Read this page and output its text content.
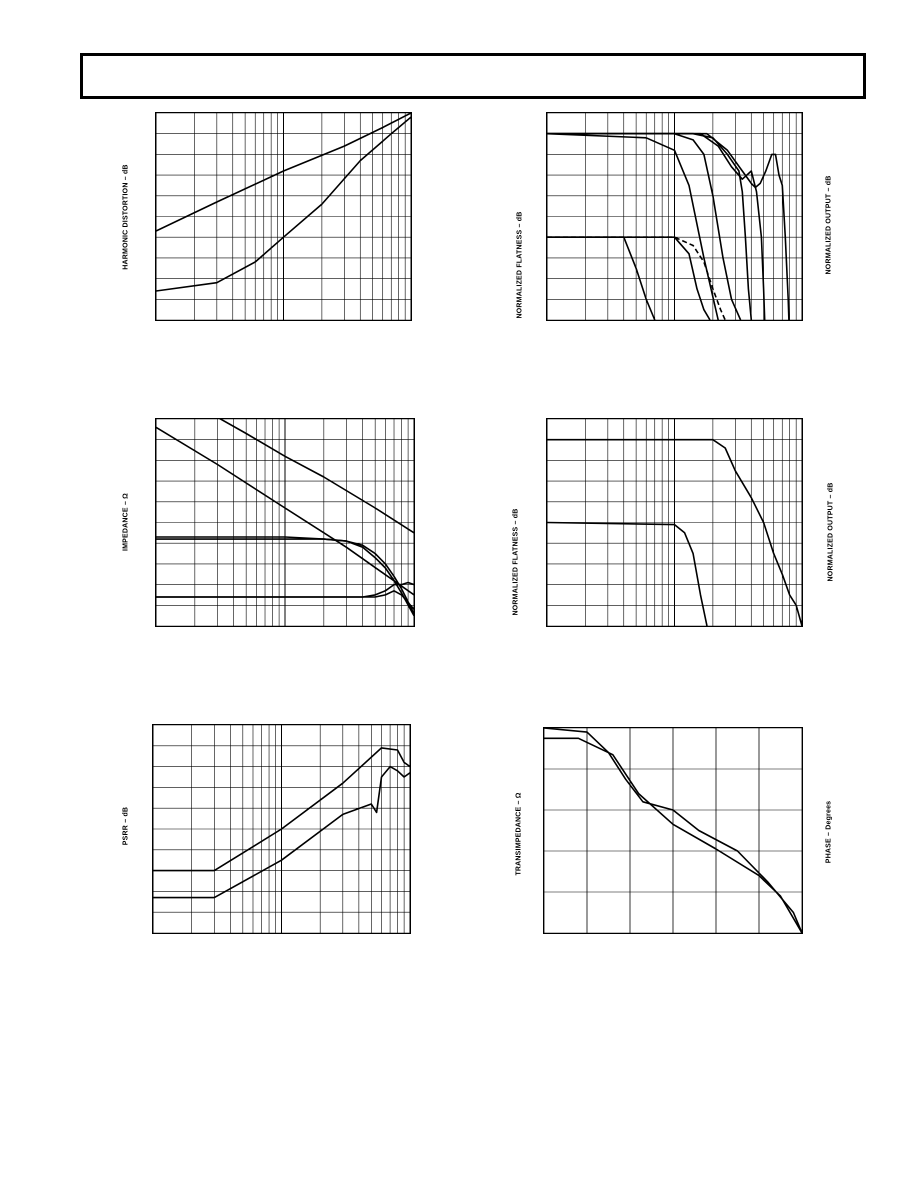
HARMONIC DISTORTION – dB	NORMALIZED FLATNESS – dB	NORMALIZED OUTPUT – dB
IMPEDANCE – Ω	NORMALIZED FLATNESS – dB	NORMALIZED OUTPUT – dB
PSRR – dB	TRANSIMPEDANCE – Ω	PHASE – Degrees
